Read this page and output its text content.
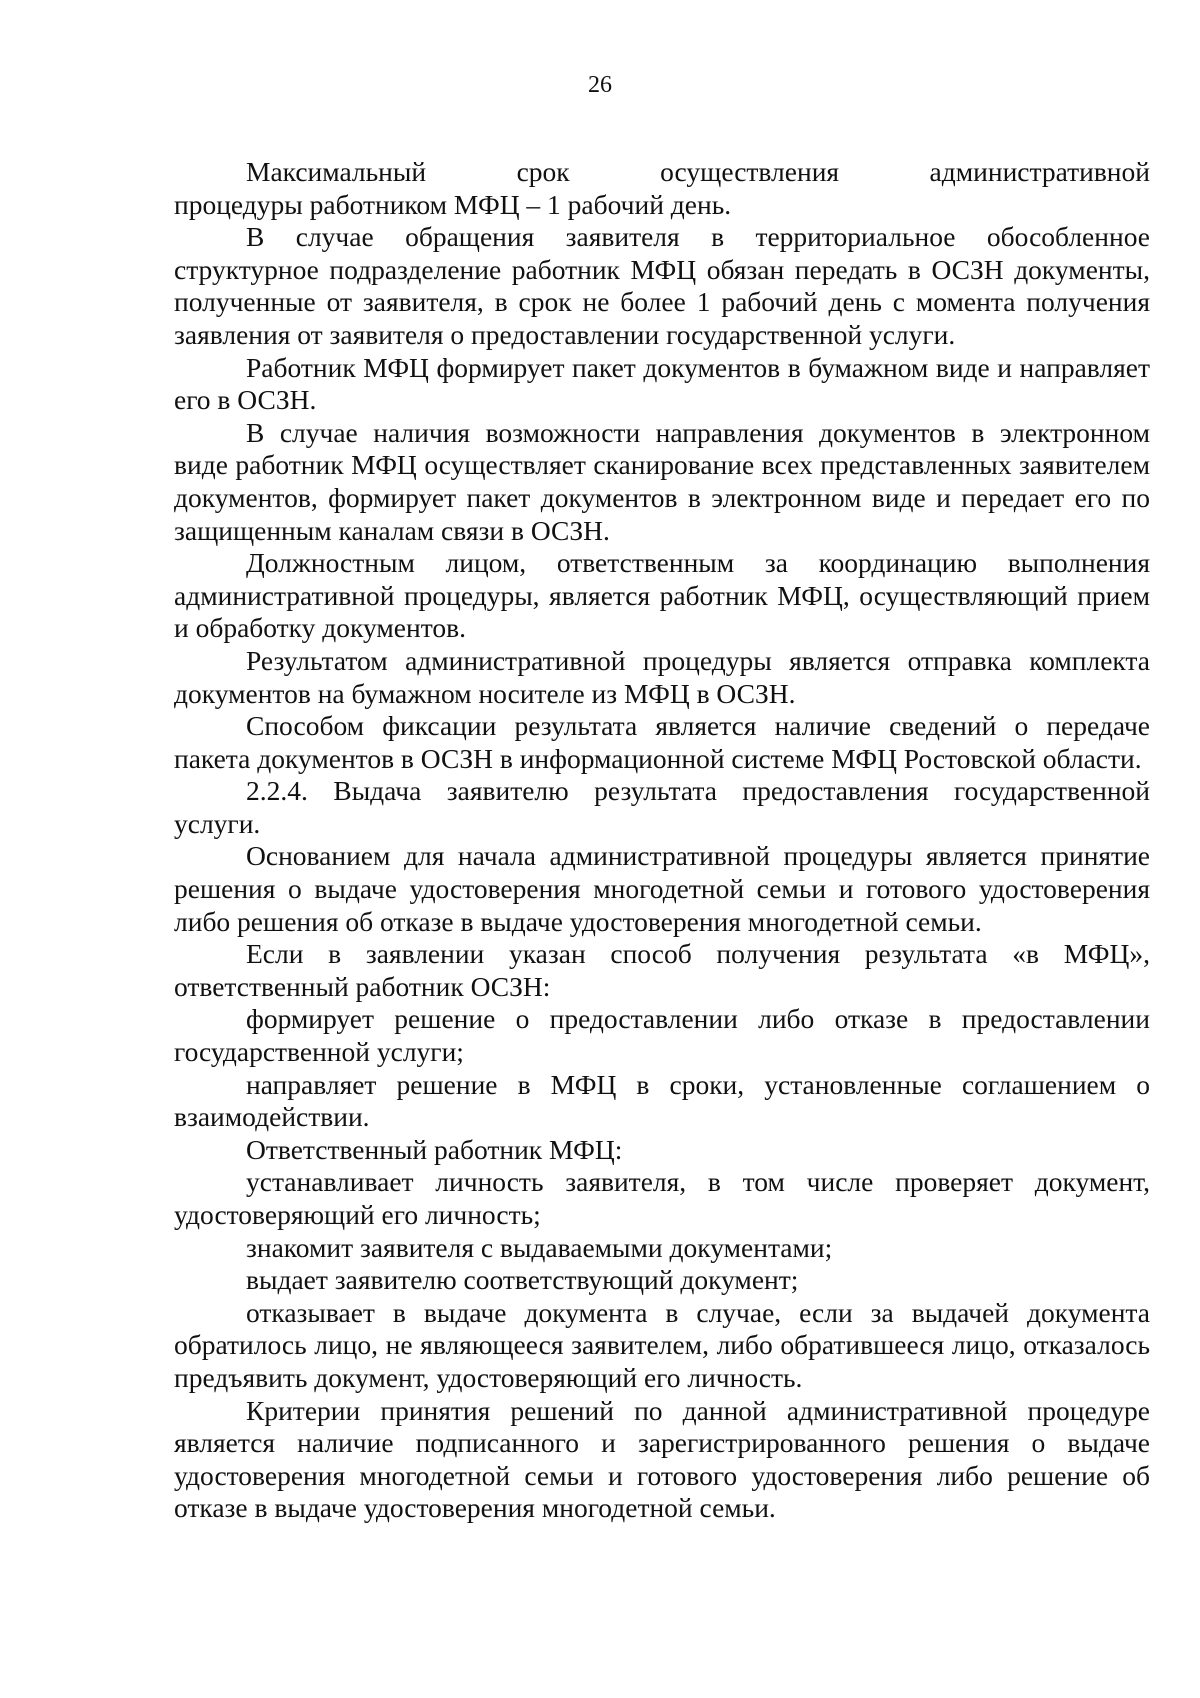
26
Максимальный	срок	осуществления	административной

процедуры работником МФЦ – 1 рабочий день.

В случае обращения заявителя в территориальное обособленное структурное подразделение работник МФЦ обязан передать в ОСЗН документы, полученные от заявителя, в срок не более 1 рабочий день с момента получения заявления от заявителя о предоставлении государственной услуги.

Работник МФЦ формирует пакет документов в бумажном виде и направляет его в ОСЗН.

В случае наличия возможности направления документов в электронном виде работник МФЦ осуществляет сканирование всех представленных заявителем документов, формирует пакет документов в электронном виде и передает его по защищенным каналам связи в ОСЗН.

Должностным лицом, ответственным за координацию выполнения административной процедуры, является работник МФЦ, осуществляющий прием и обработку документов.

Результатом административной процедуры является отправка комплекта документов на бумажном носителе из МФЦ в ОСЗН.

Способом фиксации результата является наличие сведений о передаче пакета документов в ОСЗН в информационной системе МФЦ Ростовской области.

2.2.4. Выдача заявителю результата предоставления государственной услуги.

Основанием для начала административной процедуры является принятие решения о выдаче удостоверения многодетной семьи и готового удостоверения либо решения об отказе в выдаче удостоверения многодетной семьи.

Если в заявлении указан способ получения результата «в МФЦ», ответственный работник ОСЗН:

формирует решение о предоставлении либо отказе в предоставлении государственной услуги;

направляет решение в МФЦ в сроки, установленные соглашением о взаимодействии.

Ответственный работник МФЦ:

устанавливает личность заявителя, в том числе проверяет документ, удостоверяющий его личность;

знакомит заявителя с выдаваемыми документами;

выдает заявителю соответствующий документ;

отказывает в выдаче документа в случае, если за выдачей документа обратилось лицо, не являющееся заявителем, либо обратившееся лицо, отказалось предъявить документ, удостоверяющий его личность.

Критерии принятия решений по данной административной процедуре является наличие подписанного и зарегистрированного решения о выдаче удостоверения многодетной семьи и готового удостоверения либо решение об отказе в выдаче удостоверения многодетной семьи.
